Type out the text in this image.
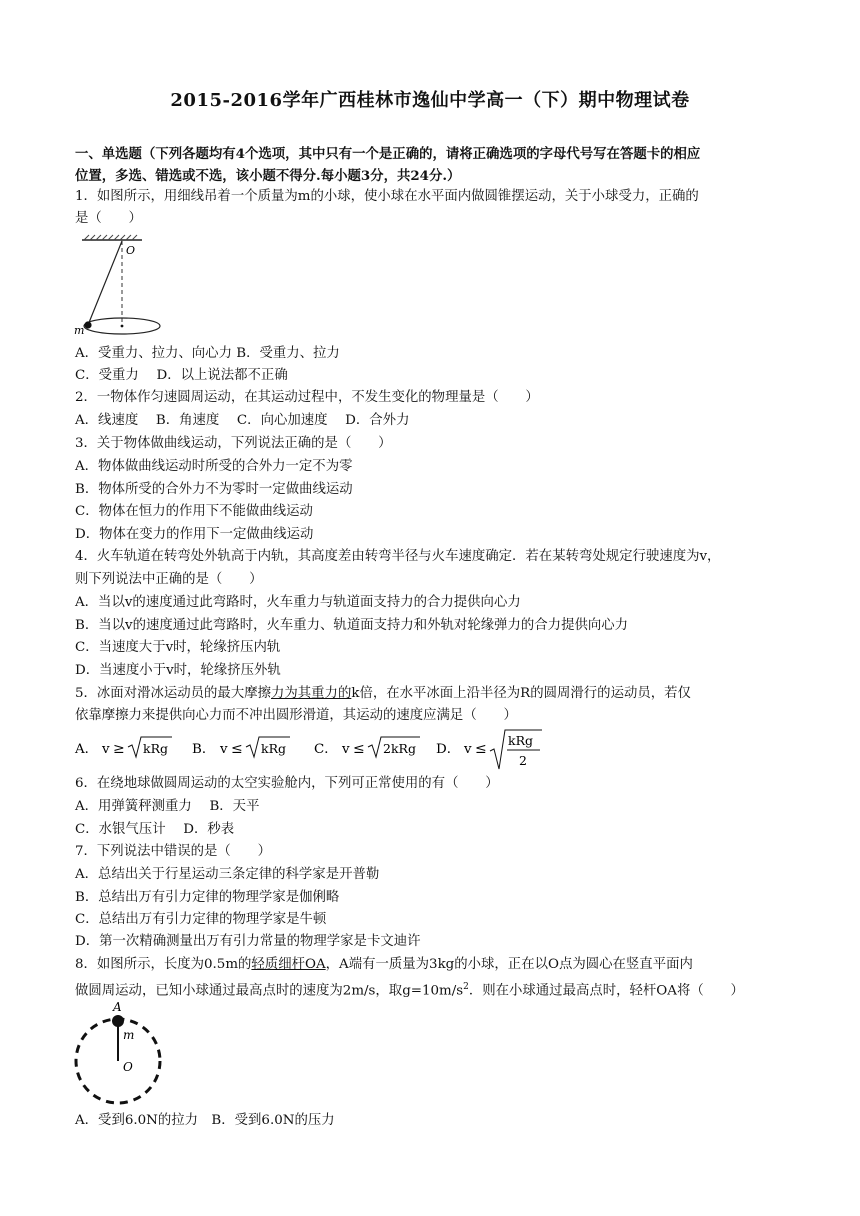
2015-2016学年广西桂林市逸仙中学高一（下）期中物理试卷
一、单选题（下列各题均有4个选项，其中只有一个是正确的，请将正确选项的字母代号写在答题卡的相应
位置，多选、错选或不选，该小题不得分.每小题3分，共24分.）
1．如图所示，用细线吊着一个质量为m的小球，使小球在水平面内做圆锥摆运动，关于小球受力，正确的
是（　　）
O
m
A．受重力、拉力、向心力 B．受重力、拉力
C．受重力　 D．以上说法都不正确
2．一物体作匀速圆周运动，在其运动过程中，不发生变化的物理量是（　　）
A．线速度　 B．角速度　 C．向心加速度　 D．合外力
3．关于物体做曲线运动，下列说法正确的是（　　）
A．物体做曲线运动时所受的合外力一定不为零
B．物体所受的合外力不为零时一定做曲线运动
C．物体在恒力的作用下不能做曲线运动
D．物体在变力的作用下一定做曲线运动
4．火车轨道在转弯处外轨高于内轨，其高度差由转弯半径与火车速度确定．若在某转弯处规定行驶速度为v，
则下列说法中正确的是（　　）
A．当以v的速度通过此弯路时，火车重力与轨道面支持力的合力提供向心力
B．当以v的速度通过此弯路时，火车重力、轨道面支持力和外轨对轮缘弹力的合力提供向心力
C．当速度大于v时，轮缘挤压内轨
D．当速度小于v时，轮缘挤压外轨
5．冰面对滑冰运动员的最大摩擦力为其重力的k倍，在水平冰面上沿半径为R的圆周滑行的运动员，若仅
依靠摩擦力来提供向心力而不冲出圆形滑道，其运动的速度应满足（　　）
A． v ≥ kRg B． v ≤ kRg C． v ≤ 2kRg D． v ≤
kRg
2
6．在绕地球做圆周运动的太空实验舱内，下列可正常使用的有（　　）
A．用弹簧秤测重力　 B．天平
C．水银气压计　 D．秒表
7．下列说法中错误的是（　　）
A．总结出关于行星运动三条定律的科学家是开普勒
B．总结出万有引力定律的物理学家是伽俐略
C．总结出万有引力定律的物理学家是牛顿
D．第一次精确测量出万有引力常量的物理学家是卡文迪许
8．如图所示，长度为0.5m的轻质细杆OA，A端有一质量为3kg的小球，正在以O点为圆心在竖直平面内
做圆周运动，已知小球通过最高点时的速度为2m/s，取$g=10m/s^2$．则在小球通过最高点时，轻杆OA将（　　）
A
m
O
A．受到6.0N的拉力　B．受到6.0N的压力
